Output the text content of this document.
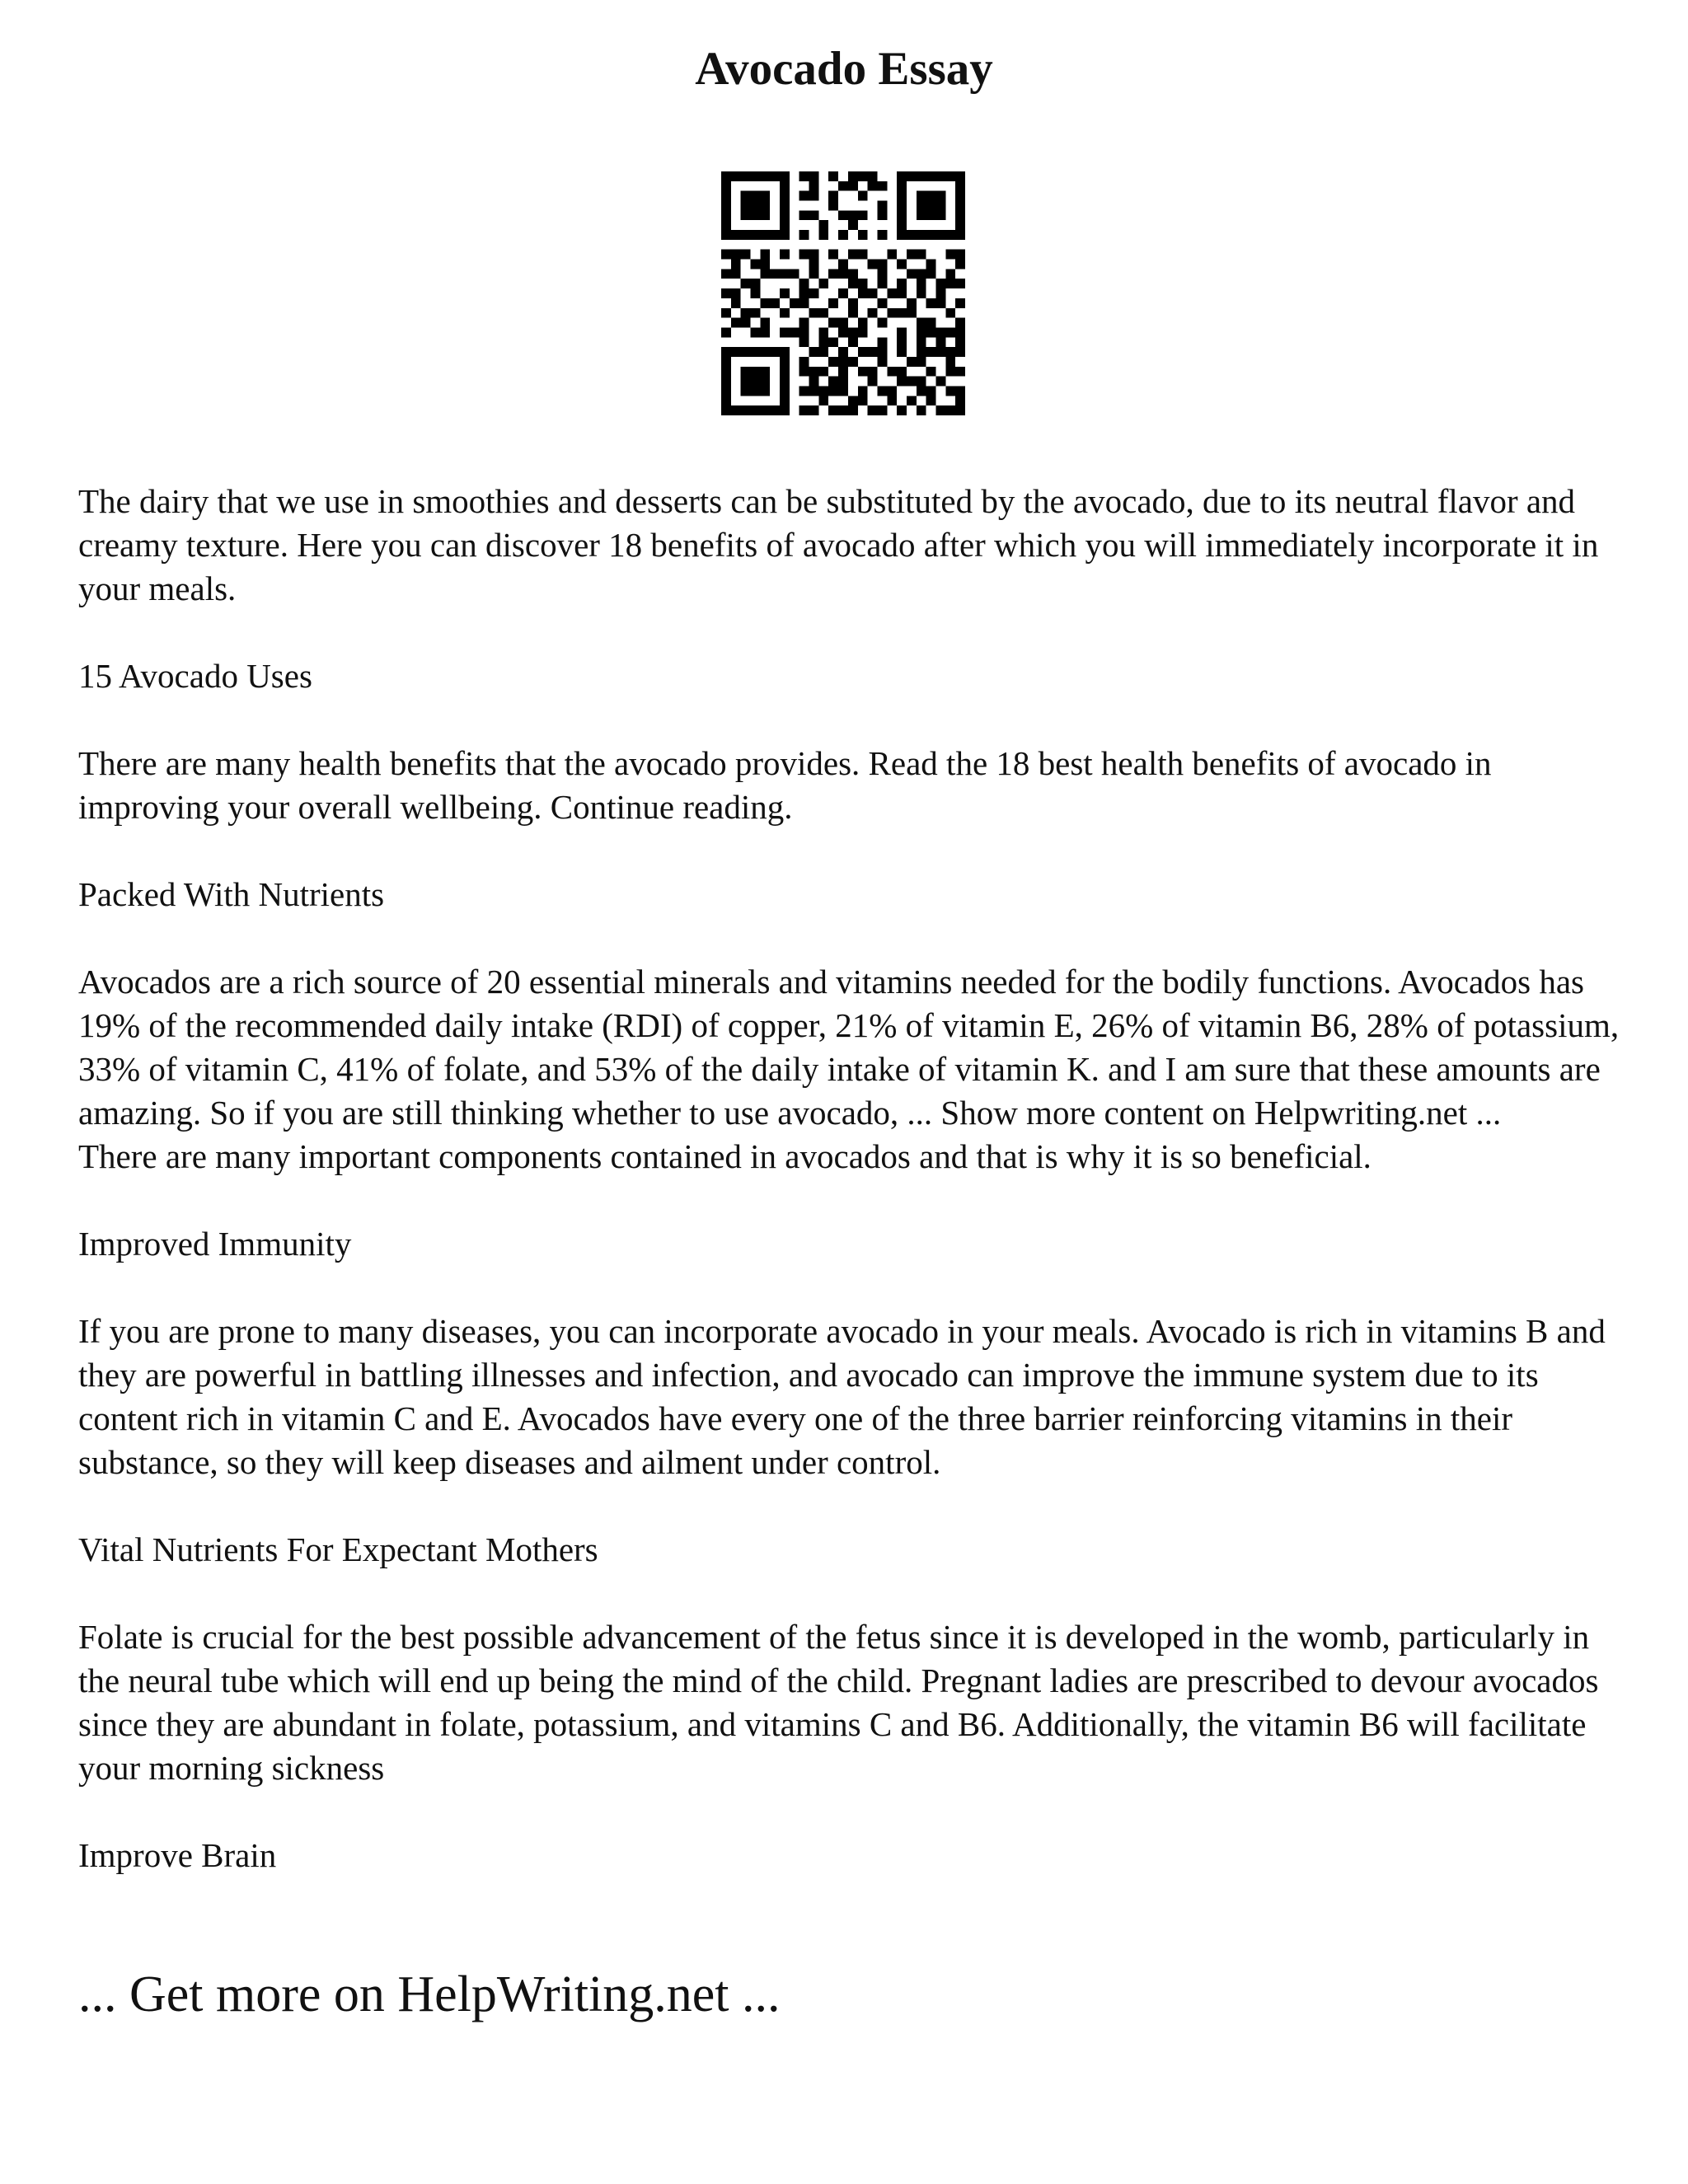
Avocado Essay

The dairy that we use in smoothies and desserts can be substituted by the avocado, due to its neutral flavor and creamy texture. Here you can discover 18 benefits of avocado after which you will immediately incorporate it in your meals.

15 Avocado Uses

There are many health benefits that the avocado provides. Read the 18 best health benefits of avocado in improving your overall wellbeing. Continue reading.

Packed With Nutrients

Avocados are a rich source of 20 essential minerals and vitamins needed for the bodily functions. Avocados has 19% of the recommended daily intake (RDI) of copper, 21% of vitamin E, 26% of vitamin B6, 28% of potassium, 33% of vitamin C, 41% of folate, and 53% of the daily intake of vitamin K. and I am sure that these amounts are amazing. So if you are still thinking whether to use avocado, ... Show more content on Helpwriting.net ...

There are many important components contained in avocados and that is why it is so beneficial.

Improved Immunity

If you are prone to many diseases, you can incorporate avocado in your meals. Avocado is rich in vitamins B and they are powerful in battling illnesses and infection, and avocado can improve the immune system due to its content rich in vitamin C and E. Avocados have every one of the three barrier reinforcing vitamins in their substance, so they will keep diseases and ailment under control.

Vital Nutrients For Expectant Mothers

Folate is crucial for the best possible advancement of the fetus since it is developed in the womb, particularly in the neural tube which will end up being the mind of the child. Pregnant ladies are prescribed to devour avocados since they are abundant in folate, potassium, and vitamins C and B6. Additionally, the vitamin B6 will facilitate your morning sickness

Improve Brain

... Get more on HelpWriting.net ...
